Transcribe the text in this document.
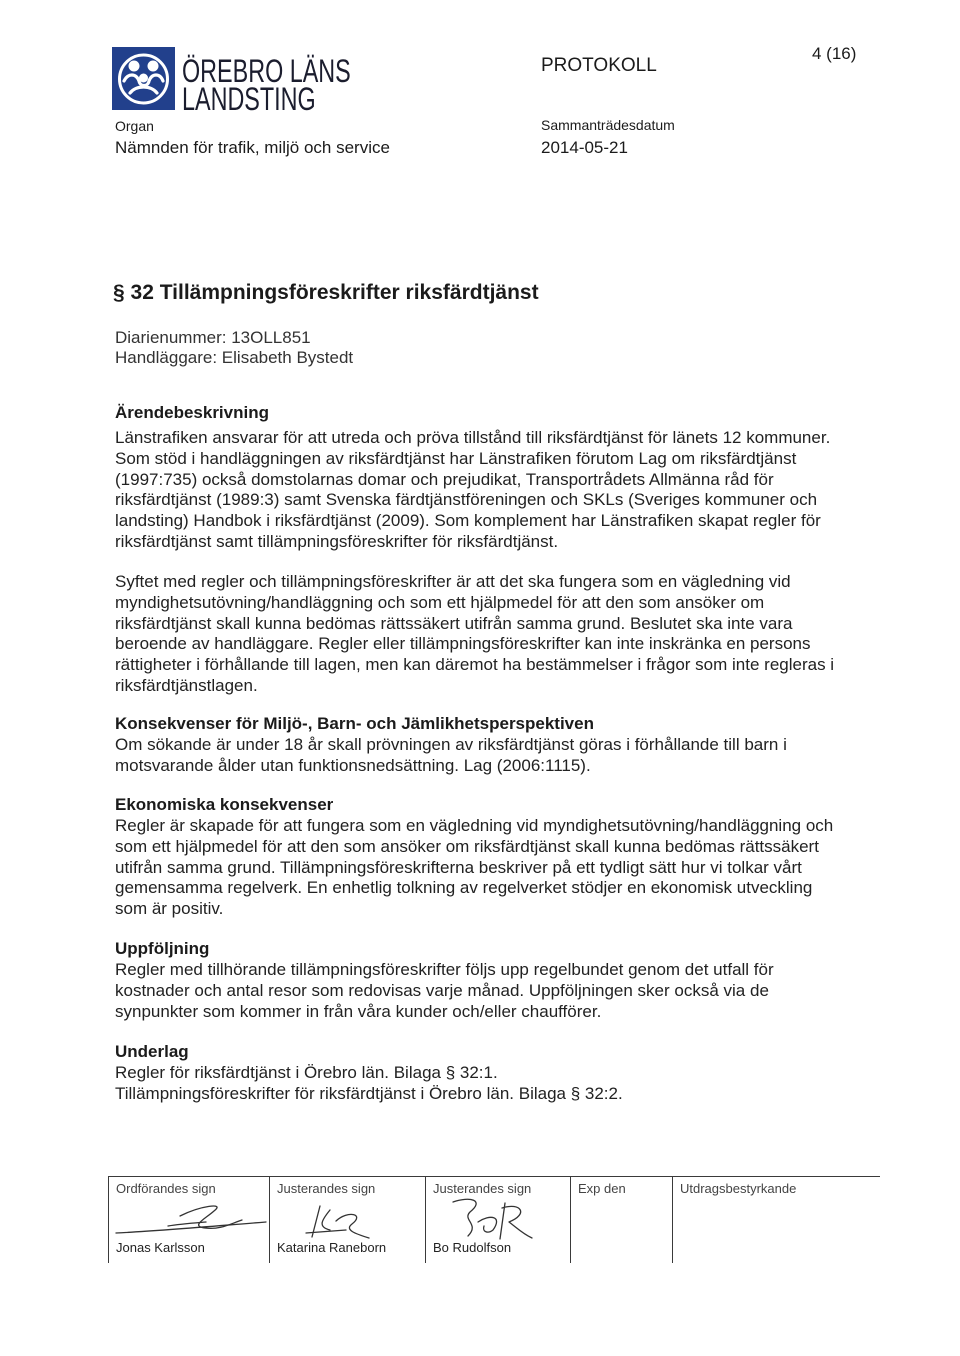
ÖREBRO LÄNS
LANDSTING
PROTOKOLL
4 (16)
Organ
Nämnden för trafik, miljö och service
Sammanträdesdatum
2014-05-21
§ 32 Tillämpningsföreskrifter riksfärdtjänst
Diarienummer: 13OLL851
Handläggare: Elisabeth Bystedt
Ärendebeskrivning
Länstrafiken ansvarar för att utreda och pröva tillstånd till riksfärdtjänst för länets 12 kommuner.
Som stöd i handläggningen av riksfärdtjänst har Länstrafiken förutom Lag om riksfärdtjänst
(1997:735) också domstolarnas domar och prejudikat, Transportrådets Allmänna råd för
riksfärdtjänst (1989:3) samt Svenska färdtjänstföreningen och SKLs (Sveriges kommuner och
landsting) Handbok i riksfärdtjänst (2009). Som komplement har Länstrafiken skapat regler för
riksfärdtjänst samt tillämpningsföreskrifter för riksfärdtjänst.
Syftet med regler och tillämpningsföreskrifter är att det ska fungera som en vägledning vid
myndighetsutövning/handläggning och som ett hjälpmedel för att den som ansöker om
riksfärdtjänst skall kunna bedömas rättssäkert utifrån samma grund. Beslutet ska inte vara
beroende av handläggare. Regler eller tillämpningsföreskrifter kan inte inskränka en persons
rättigheter i förhållande till lagen, men kan däremot ha bestämmelser i frågor som inte regleras i
riksfärdtjänstlagen.
Konsekvenser för Miljö-, Barn- och Jämlikhetsperspektiven
Om sökande är under 18 år skall prövningen av riksfärdtjänst göras i förhållande till barn i
motsvarande ålder utan funktionsnedsättning. Lag (2006:1115).
Ekonomiska konsekvenser
Regler är skapade för att fungera som en vägledning vid myndighetsutövning/handläggning och
som ett hjälpmedel för att den som ansöker om riksfärdtjänst skall kunna bedömas rättssäkert
utifrån samma grund. Tillämpningsföreskrifterna beskriver på ett tydligt sätt hur vi tolkar vårt
gemensamma regelverk. En enhetlig tolkning av regelverket stödjer en ekonomisk utveckling
som är positiv.
Uppföljning
Regler med tillhörande tillämpningsföreskrifter följs upp regelbundet genom det utfall för
kostnader och antal resor som redovisas varje månad. Uppföljningen sker också via de
synpunkter som kommer in från våra kunder och/eller chaufförer.
Underlag
Regler för riksfärdtjänst i Örebro län. Bilaga § 32:1.
Tillämpningsföreskrifter för riksfärdtjänst i Örebro län. Bilaga § 32:2.
Ordförandes sign
Jonas Karlsson
Justerandes sign
Katarina Raneborn
Justerandes sign
Bo Rudolfson
Exp den	Utdragsbestyrkande
